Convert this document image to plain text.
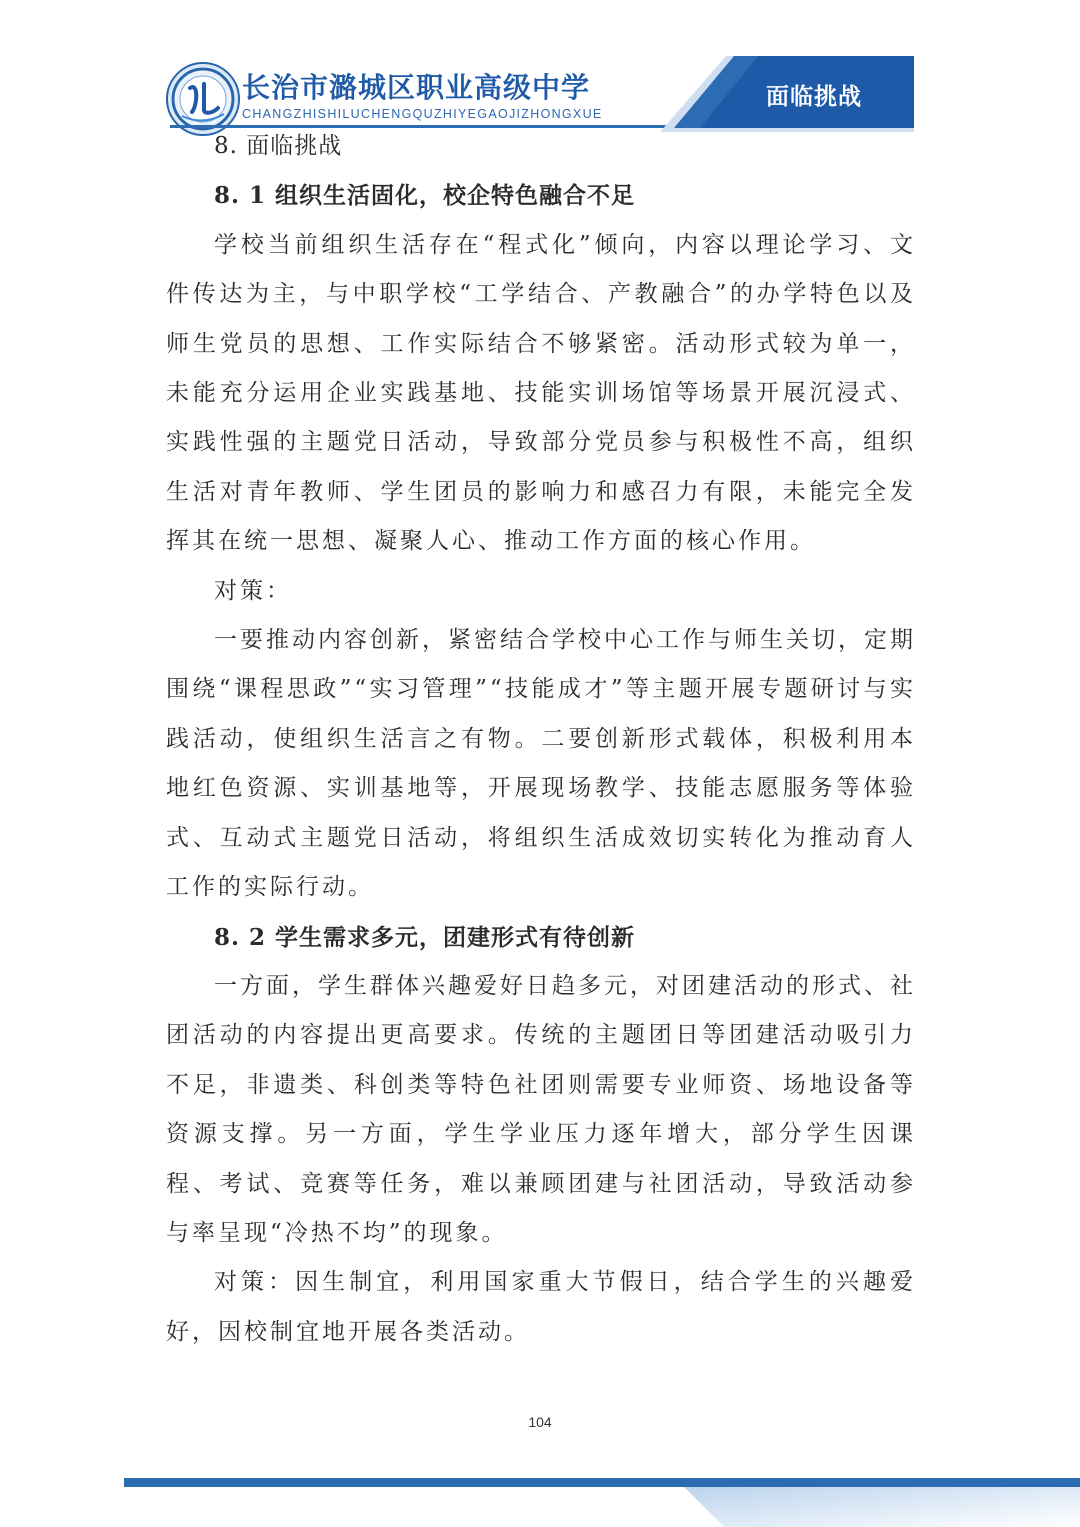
长治市潞城区职业高级中学

CHANGZHISHILUCHENGQUZHIYEGAOJIZHONGXUE

面临挑战

8. 面临挑战

8. 1 组织生活固化，校企特色融合不足

学校当前组织生活存在“程式化”倾向，内容以理论学习、文件传达为主，与中职学校“工学结合、产教融合”的办学特色以及师生党员的思想、工作实际结合不够紧密。活动形式较为单一，未能充分运用企业实践基地、技能实训场馆等场景开展沉浸式、实践性强的主题党日活动，导致部分党员参与积极性不高，组织生活对青年教师、学生团员的影响力和感召力有限，未能完全发挥其在统一思想、凝聚人心、推动工作方面的核心作用。

对策：

一要推动内容创新，紧密结合学校中心工作与师生关切，定期围绕“课程思政”“实习管理”“技能成才”等主题开展专题研讨与实践活动，使组织生活言之有物。二要创新形式载体，积极利用本地红色资源、实训基地等，开展现场教学、技能志愿服务等体验式、互动式主题党日活动，将组织生活成效切实转化为推动育人工作的实际行动。

8. 2 学生需求多元，团建形式有待创新

一方面，学生群体兴趣爱好日趋多元，对团建活动的形式、社团活动的内容提出更高要求。传统的主题团日等团建活动吸引力不足，非遗类、科创类等特色社团则需要专业师资、场地设备等资源支撑。另一方面，学生学业压力逐年增大，部分学生因课程、考试、竞赛等任务，难以兼顾团建与社团活动，导致活动参与率呈现“冷热不均”的现象。

对策：因生制宜，利用国家重大节假日，结合学生的兴趣爱好，因校制宜地开展各类活动。

104
